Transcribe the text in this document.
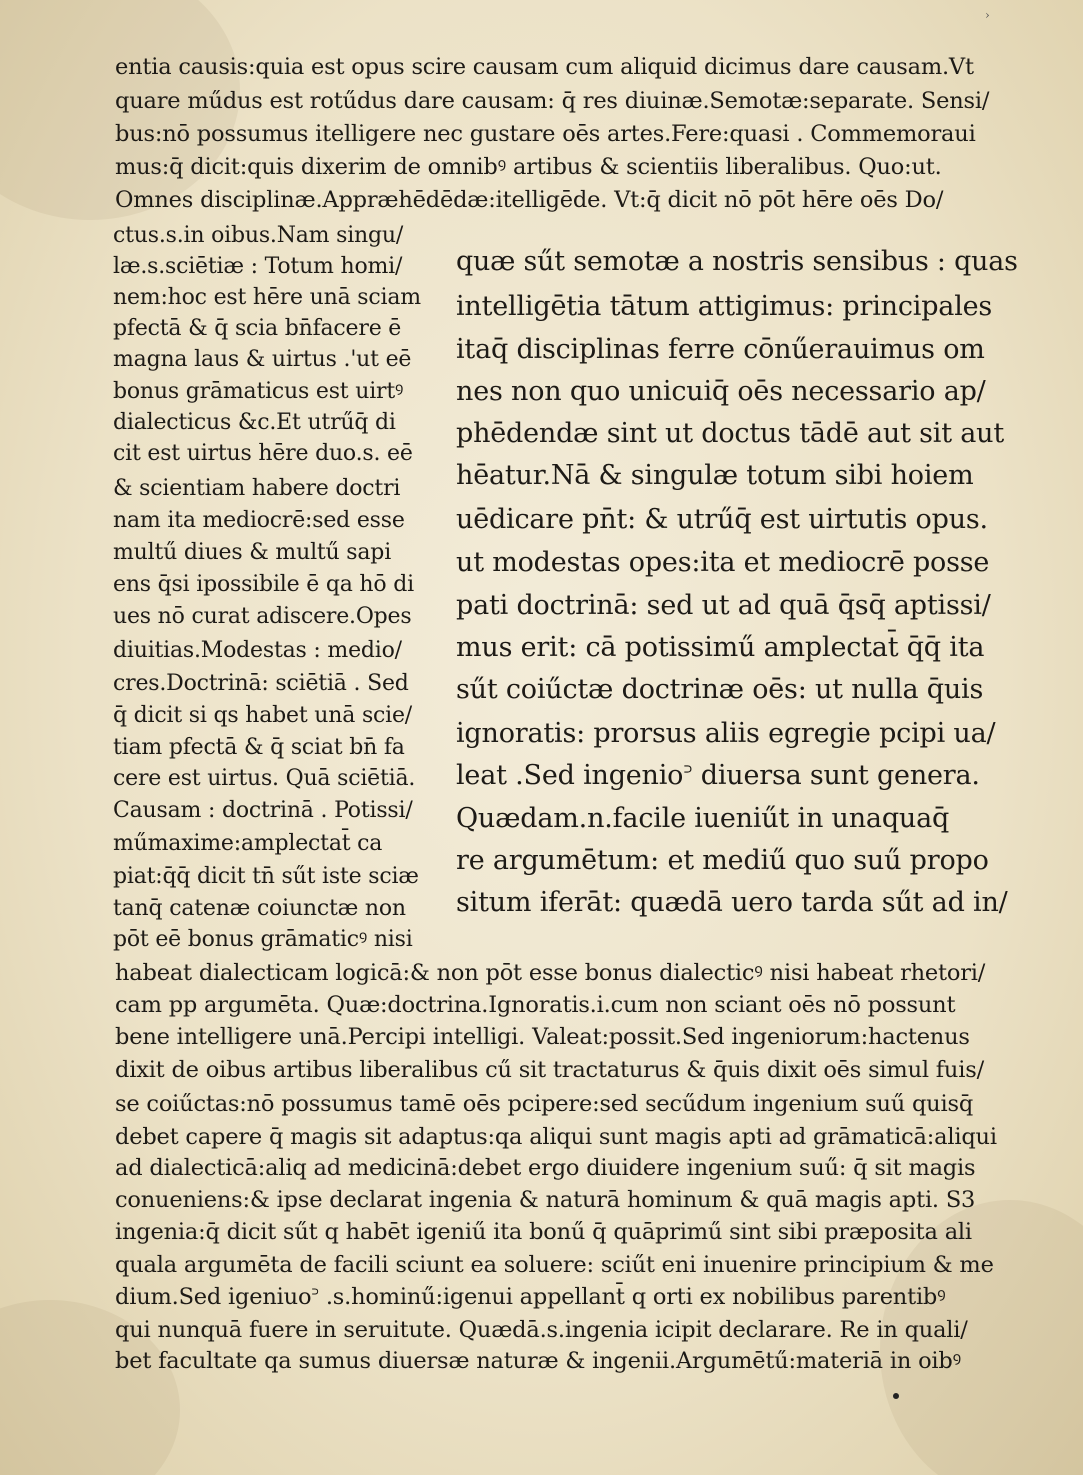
›

entia causis:quia est opus scire causam cum aliquid dicimus dare causam.Vt

quare műdus est rotűdus dare causam: q̄ res diuinæ.Semotæ:separate. Sensi/

bus:nō possumus itelligere nec gustare oēs artes.Fere:quasi . Commemoraui

mus:q̄ dicit:quis dixerim de omnibꝰ artibus & scientiis liberalibus. Quo:ut.

Omnes disciplinæ.Appræhēdēdæ:itelligēde. Vt:q̄ dicit nō pōt hēre oēs Do/

ctus.s.in oibus.Nam singu/

læ.s.sciētiæ : Totum homi/

nem:hoc est hēre unā sciam

pfectā & q̄ scia bn̄facere ē

magna laus & uirtus .'ut eē

bonus grāmaticus est uirtꝰ

dialecticus &c.Et utrűq̄ di

cit est uirtus hēre duo.s. eē

& scientiam habere doctri

nam ita mediocrē:sed esse

multű diues & multű sapi

ens q̄si ipossibile ē qa hō di

ues nō curat adiscere.Opes

diuitias.Modestas : medio/

cres.Doctrinā: sciētiā . Sed

q̄ dicit si qs habet unā scie/

tiam pfectā & q̄ sciat bn̄ fa

cere est uirtus. Quā sciētiā.

Causam : doctrinā . Potissi/

műmaxime:amplectat̄ ca

piat:q̄q̄ dicit tn̄ sűt iste sciæ

tanq̄ catenæ coiunctæ non

pōt eē bonus grāmaticꝰ nisi

quæ sűt semotæ a nostris sensibus : quas

intelligētia tātum attigimus: principales

itaq̄ disciplinas ferre cōnűerauimus om

nes non quo unicuiq̄ oēs necessario ap/

phēdendæ sint ut doctus tādē aut sit aut

hēatur.Nā & singulæ totum sibi hoiem

uēdicare pn̄t: & utrűq̄ est uirtutis opus.

ut modestas opes:ita et mediocrē posse

pati doctrinā: sed ut ad quā q̄sq̄ aptissi/

mus erit: cā potissimű amplectat̄ q̄q̄ ita

sűt coiűctæ doctrinæ oēs: ut nulla q̄uis

ignoratis: prorsus aliis egregie pcipi ua/

leat .Sed ingenio꜄ diuersa sunt genera.

Quædam.n.facile iueniűt in unaquaq̄

re argumētum: et mediű quo suű propo

situm iferāt: quædā uero tarda sűt ad in/

habeat dialecticam logicā:& non pōt esse bonus dialecticꝰ nisi habeat rhetori/

cam pp argumēta. Quæ:doctrina.Ignoratis.i.cum non sciant oēs nō possunt

bene intelligere unā.Percipi intelligi. Valeat:possit.Sed ingeniorum:hactenus

dixit de oibus artibus liberalibus cű sit tractaturus & q̄uis dixit oēs simul fuis/

se coiűctas:nō possumus tamē oēs pcipere:sed secűdum ingenium suű quisq̄

debet capere q̄ magis sit adaptus:qa aliqui sunt magis apti ad grāmaticā:aliqui

ad dialecticā:aliq ad medicinā:debet ergo diuidere ingenium suű: q̄ sit magis

conueniens:& ipse declarat ingenia & naturā hominum & quā magis apti. S3

ingenia:q̄ dicit sűt q habēt igeniű ita bonű q̄ quāprimű sint sibi præposita ali

quala argumēta de facili sciunt ea soluere: sciűt eni inuenire principium & me

dium.Sed igeniuo꜄ .s.hominű:igenui appellant̄ q orti ex nobilibus parentibꝰ

qui nunquā fuere in seruitute. Quædā.s.ingenia icipit declarare. Re in quali/

bet facultate qa sumus diuersæ naturæ & ingenii.Argumētű:materiā in oibꝰ
